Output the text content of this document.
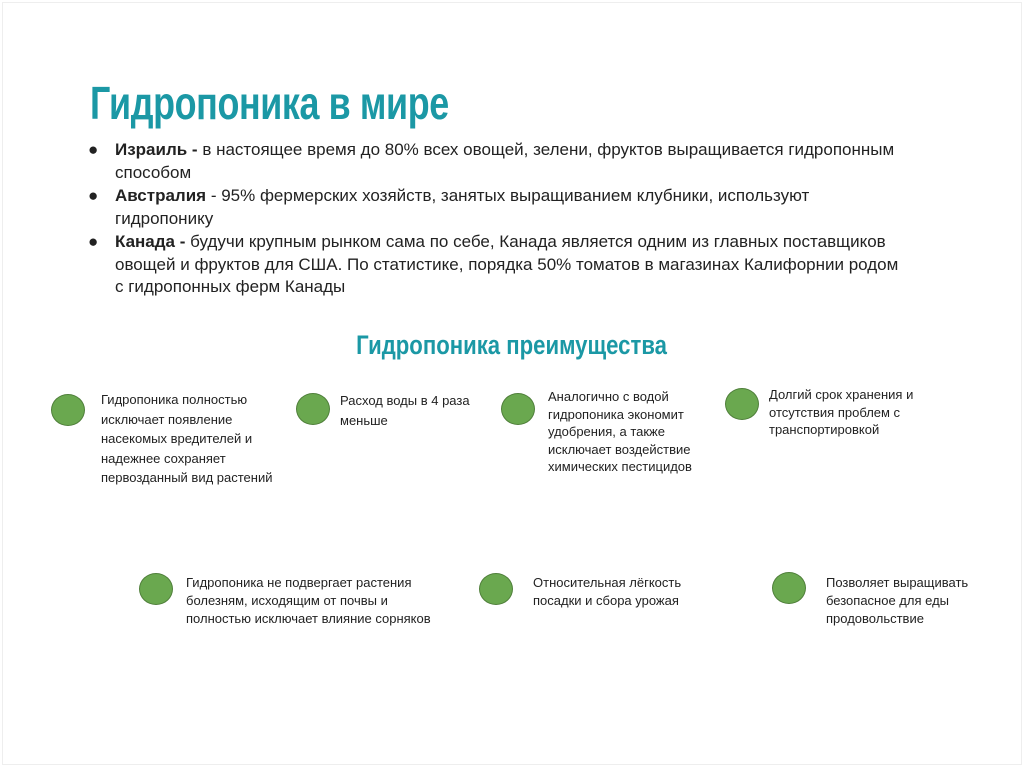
Гидропоника в мире
● Израиль - в настоящее время до 80% всех овощей, зелени, фруктов выращивается гидропонным способом
● Австралия - 95% фермерских хозяйств, занятых выращиванием клубники, используют гидропонику
● Канада - будучи крупным рынком сама по себе, Канада является одним из главных поставщиков овощей и фруктов для США. По статистике, порядка 50% томатов в магазинах Калифорнии родом с гидропонных ферм Канады
Гидропоника преимущества
Гидропоника полностью исключает появление насекомых вредителей и надежнее сохраняет первозданный вид растений
Расход воды в 4 раза меньше
Аналогично с водой гидропоника экономит удобрения, а также исключает воздействие химических пестицидов
Долгий срок хранения и отсутствия проблем с транспортировкой
Гидропоника не подвергает растения болезням, исходящим от почвы и полностью исключает влияние сорняков
Относительная лёгкость посадки и сбора урожая
Позволяет выращивать безопасное для еды продовольствие
